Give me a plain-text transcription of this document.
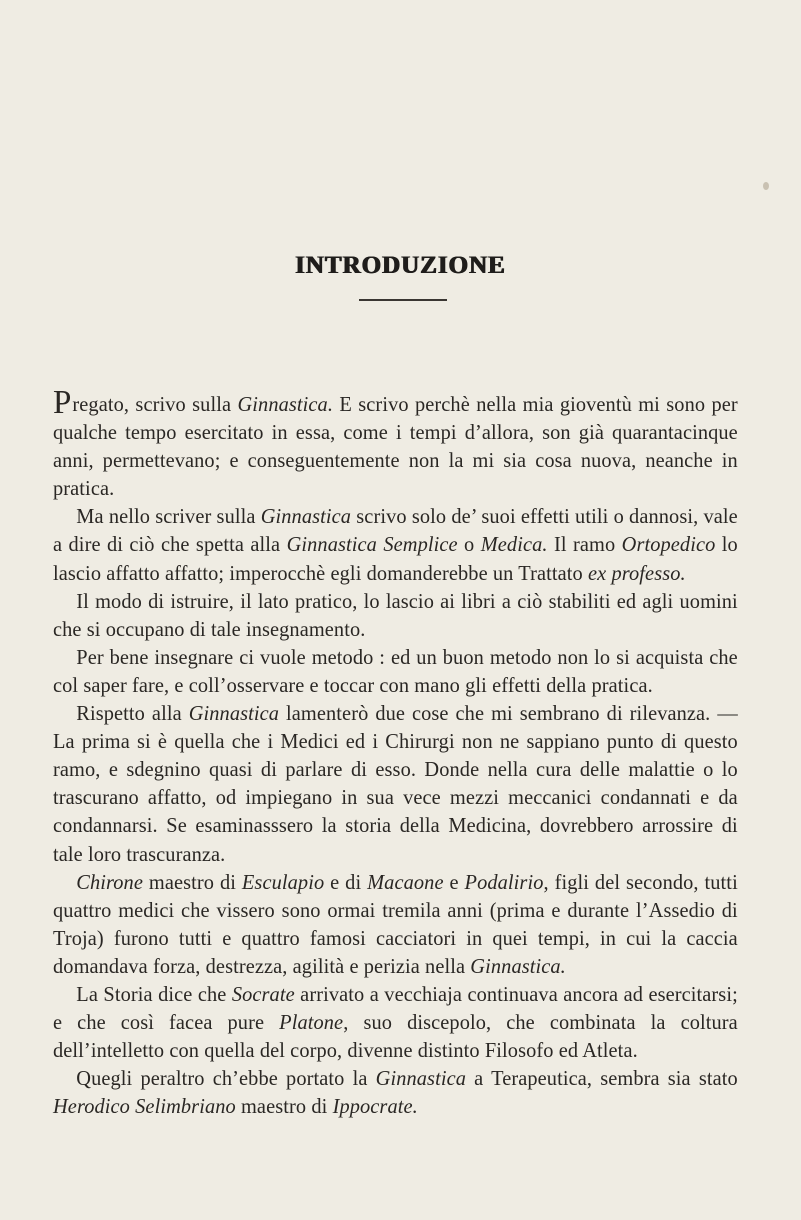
INTRODUZIONE

Pregato, scrivo sulla Ginnastica. E scrivo perchè nella mia gioventù mi sono per qualche tempo esercitato in essa, come i tempi d’allora, son già quarantacinque anni, permettevano; e conseguentemente non la mi sia cosa nuova, neanche in pratica.

Ma nello scriver sulla Ginnastica scrivo solo de’ suoi effetti utili o dannosi, vale a dire di ciò che spetta alla Ginnastica Semplice o Medica. Il ramo Ortopedico lo lascio affatto affatto; imperocchè egli domanderebbe un Trattato ex professo.

Il modo di istruire, il lato pratico, lo lascio ai libri a ciò stabiliti ed agli uomini che si occupano di tale insegnamento.

Per bene insegnare ci vuole metodo : ed un buon metodo non lo si acquista che col saper fare, e coll’osservare e toccar con mano gli effetti della pratica.

Rispetto alla Ginnastica lamenterò due cose che mi sembrano di rilevanza. — La prima si è quella che i Medici ed i Chirurgi non ne sappiano punto di questo ramo, e sdegnino quasi di parlare di esso. Donde nella cura delle malattie o lo trascurano affatto, od impiegano in sua vece mezzi meccanici condannati e da condannarsi. Se esaminasssero la storia della Medicina, dovrebbero arrossire di tale loro trascuranza.

Chirone maestro di Esculapio e di Macaone e Podalirio, figli del secondo, tutti quattro medici che vissero sono ormai tremila anni (prima e durante l’Assedio di Troja) furono tutti e quattro famosi cacciatori in quei tempi, in cui la caccia domandava forza, destrezza, agilità e perizia nella Ginnastica.

La Storia dice che Socrate arrivato a vecchiaja continuava ancora ad esercitarsi; e che così facea pure Platone, suo discepolo, che combinata la coltura dell’intelletto con quella del corpo, divenne distinto Filosofo ed Atleta.

Quegli peraltro ch’ebbe portato la Ginnastica a Terapeutica, sembra sia stato Herodico Selimbriano maestro di Ippocrate.
